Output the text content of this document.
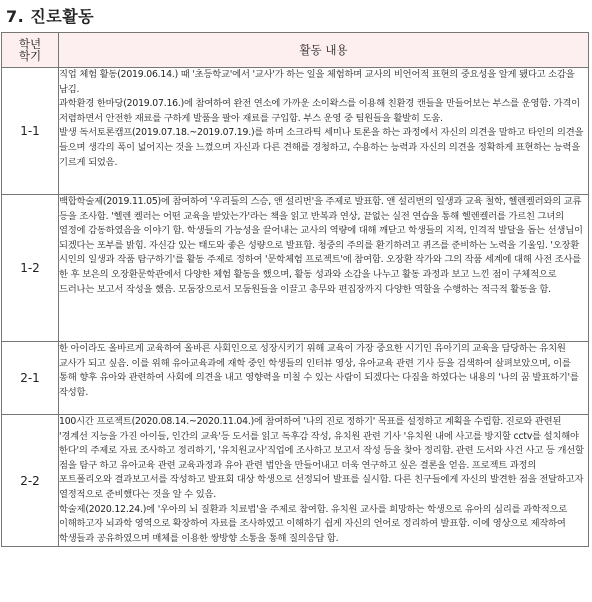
7. 진로활동
학년
학기	활동 내용
1-1	직업 체험 활동(2019.06.14.) 때 '초등학교'에서 '교사'가 하는 일을 체험하며 교사의 비언어적 표현의 중요성을 알게 됐다고 소감을 남김.

과학환경 한마당(2019.07.16.)에 참여하여 완전 연소에 가까운 소이왁스를 이용해 친환경 캔들을 만들어보는 부스를 운영함. 가격이 저렴하면서 안전한 재료를 구하게 발품을 팔아 재료를 구입함. 부스 운영 중 팀원들을 활발히 도움.

발생 독서토론캠프(2019.07.18.~2019.07.19.)를 하며 소크라틱 세미나 토론을 하는 과정에서 자신의 의견을 말하고 타인의 의견을 들으며 생각의 폭이 넓어지는 것을 느꼈으며 자신과 다른 견해를 경청하고, 수용하는 능력과 자신의 의견을 정확하게 표현하는 능력을 기르게 되었음.

1-2	백합학술제(2019.11.05)에 참여하여 '우리들의 스승, 앤 설리번'을 주제로 발표함. 앤 설리번의 일생과 교육 철학, 헬렌켈러와의 교류 등을 조사함. '헬렌 켈러는 어떤 교육을 받았는가'라는 책을 읽고 반복과 연상, 끝없는 실전 연습을 통해 헬렌켈러를 가르친 그녀의 열정에 감동하였음을 이야기 함. 학생들의 가능성을 끌어내는 교사의 역량에 대해 깨닫고 학생들의 지적, 인격적 발달을 돕는 선생님이 되겠다는 포부를 밝힘. 자신감 있는 태도와 좋은 성량으로 발표함. 청중의 주의를 환기하려고 퀴즈를 준비하는 노력을 기울임. '오장환 시인의 일생과 작품 탐구하기'를 활동 주제로 정하여 '문학체험 프로젝트'에 참여함. 오장환 작가와 그의 작품 세계에 대해 사전 조사를 한 후 보은의 오장환문학관에서 다양한 체험 활동을 했으며, 활동 성과와 소감을 나누고 활동 과정과 보고 느낀 점이 구체적으로 드러나는 보고서 작성을 했음. 모둠장으로서 모둠원들을 이끌고 총무와 편집장까지 다양한 역할을 수행하는 적극적 활동을 함.

2-1	한 아이라도 올바르게 교육하여 올바른 사회인으로 성장시키기 위해 교육이 가장 중요한 시기인 유아기의 교육을 담당하는 유치원 교사가 되고 싶음. 이를 위해 유아교육과에 재학 중인 학생들의 인터뷰 영상, 유아교육 관련 기사 등을 검색하여 살펴보았으며, 이를 통해 향후 유아와 관련하여 사회에 의견을 내고 영향력을 미칠 수 있는 사람이 되겠다는 다짐을 하였다는 내용의 '나의 꿈 발표하기'를 작성함.

2-2	100시간 프로젝트(2020.08.14.~2020.11.04.)에 참여하여 '나의 진로 정하기' 목표를 설정하고 계획을 수립함. 진로와 관련된 '경계선 지능을 가진 아이들, 인간의 교육'등 도서를 읽고 독후감 작성, 유치원 관련 기사 '유치원 내에 사고를 방지할 cctv를 설치해야 한다'의 주제로 자료 조사하고 정리하기, '유치원교사'직업에 조사하고 보고서 작성 등을 찾아 정리함. 관련 도서와 사건 사고 등 개선할 점을 탐구 하고 유아교육 관련 교육과정과 유아 관련 법안을 만들어내고 더욱 연구하고 싶은 결론을 얻음. 프로젝트 과정의 포트폴리오와 결과보고서를 작성하고 발표회 대상 학생으로 선정되어 발표를 실시함. 다른 친구들에게 자신의 발견한 점을 전달하고자 열정적으로 준비했다는 것을 알 수 있음.

학술제(2020.12.24.)에 '우아의 뇌 질환과 치료법'을 주제로 참여함. 유치원 교사를 희망하는 학생으로 유아의 심리를 과학적으로 이해하고자 뇌과학 영역으로 확장하여 자료를 조사하였고 이해하기 쉽게 자신의 언어로 정리하여 발표함. 이에 영상으로 제작하여 학생들과 공유하였으며 매체를 이용한 쌍방향 소통을 통해 질의응답 함.
